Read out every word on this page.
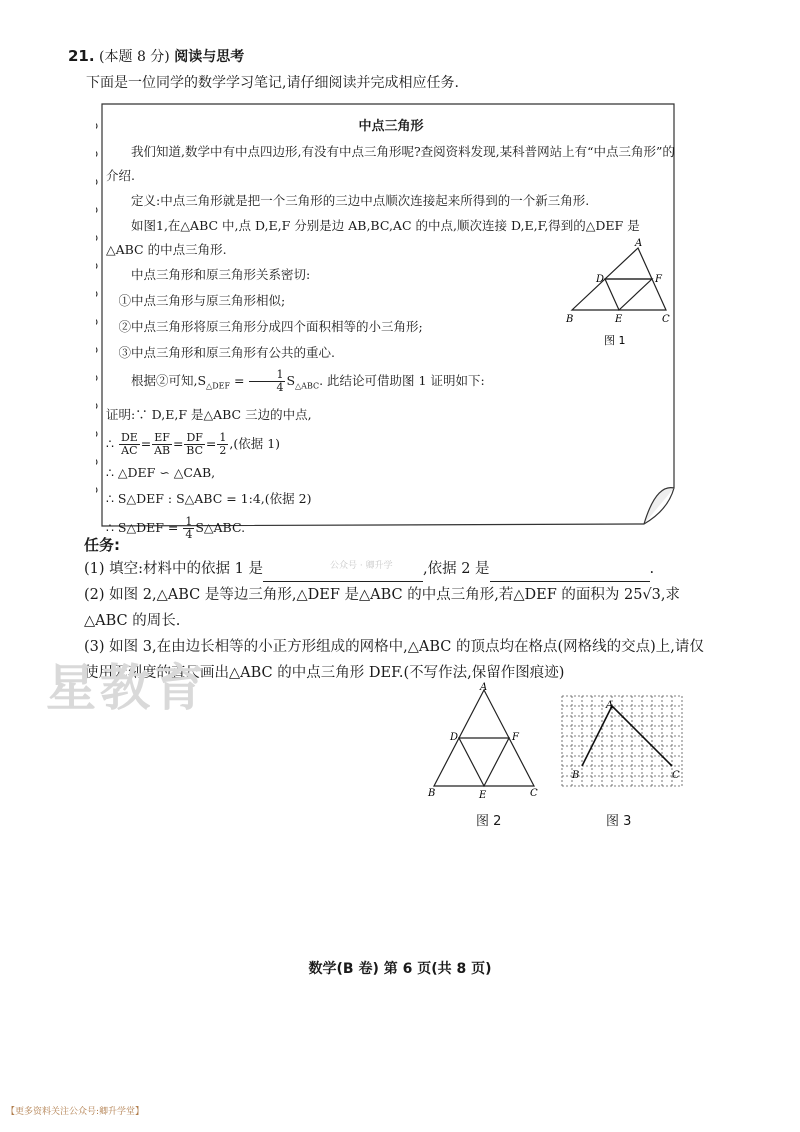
21. (本题 8 分) 阅读与思考
下面是一位同学的数学学习笔记,请仔细阅读并完成相应任务.
中点三角形
我们知道,数学中有中点四边形,有没有中点三角形呢?查阅资料发现,某科普网站上有“中点三角形”的介绍.
定义:中点三角形就是把一个三角形的三边中点顺次连接起来所得到的一个新三角形.
如图1,在△ABC 中,点 D,E,F 分别是边 AB,BC,AC 的中点,顺次连接 D,E,F,得到的△DEF 是△ABC 的中点三角形.
中点三角形和原三角形关系密切:
①中点三角形与原三角形相似;
②中点三角形将原三角形分成四个面积相等的小三角形;
③中点三角形和原三角形有公共的重心.
根据②可知$,S_{\triangle DEF} = \frac{1}{4} S_{\triangle ABC}$. 此结论可借助图 1 证明如下:
证明:∵ D,E,F 是△ABC 三边的中点,
∴ $\frac{DE}{AC} = \frac{EF}{AB} = \frac{DF}{BC} = \frac{1}{2}$ ,(依据 1)
∴ △DEF ∽ △CAB,
∴ S△DEF : S△ABC = 1:4,(依据 2)
∴ S△DEF = $\frac{1}{4}$ S△ABC.
A
D	F
B	E	C
图 1
任务:
公众号 · 卿升学
(1) 填空:材料中的依据 1 是	,依据 2 是	.
(2) 如图 2,△ABC 是等边三角形,△DEF 是△ABC 的中点三角形,若△DEF 的面积为 25√3,求△ABC 的周长.
(3) 如图 3,在由边长相等的小正方形组成的网格中,△ABC 的顶点均在格点(网格线的交点)上,请仅使用无刻度的直尺画出△ABC 的中点三角形 DEF.(不写作法,保留作图痕迹)
星教育	A
D	F
B	E	C
图 2
A
B	C
图 3
数学(B 卷) 第 6 页(共 8 页)
【更多资料关注公众号:卿升学堂】
